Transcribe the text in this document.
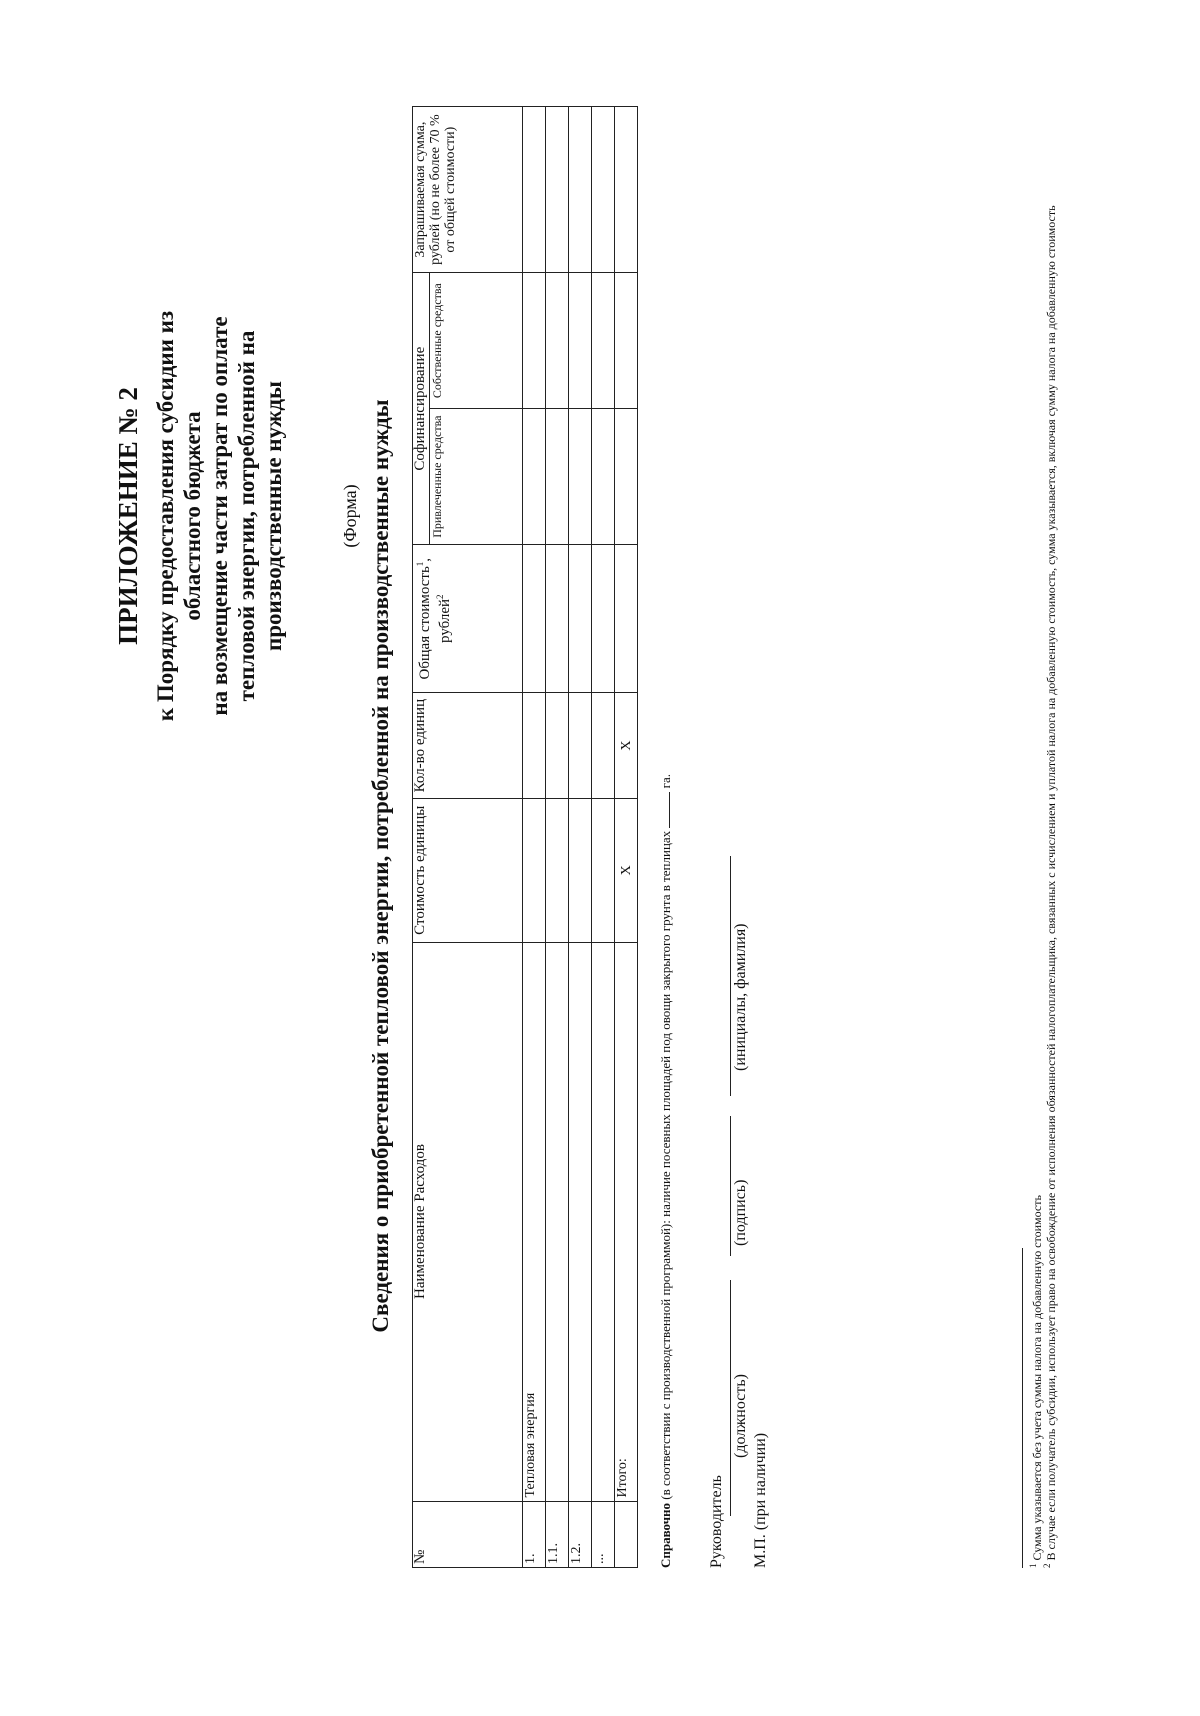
ПРИЛОЖЕНИЕ № 2 к Порядку предоставления субсидии из областного бюджета на возмещение части затрат по оплате тепловой энергии, потребленной на производственные нужды	(Форма) Сведения о приобретенной тепловой энергии, потребленной на производственные нужды
№	Наименование Расходов	Стоимость единицы	Кол-во единиц	Общая стоимость$^1$, рублей$^2$	Софинансирование		Запрашиваемая сумма, рублей (но не более 70 % от общей стоимости)
					Привлеченные средства	Собственные средства	
1.	Тепловая энергия						
1.1.							
1.2.							
...							
	Итого:	X	X				
Справочно (в соответствии с производственной программой): наличие посевных площадей под овощи закрытого грунта в теплицах  га.
Руководитель
(должность)
(подпись)
(инициалы, фамилия)
М.П. (при наличии)	$^1$ Сумма указывается без учета суммы налога на добавленную стоимость
$^2$ В случае если получатель субсидии, использует право на освобождение от исполнения обязанностей налогоплательщика, связанных с исчислением и уплатой налога на добавленную стоимость, сумма указывается, включая сумму налога на добавленную стоимость
